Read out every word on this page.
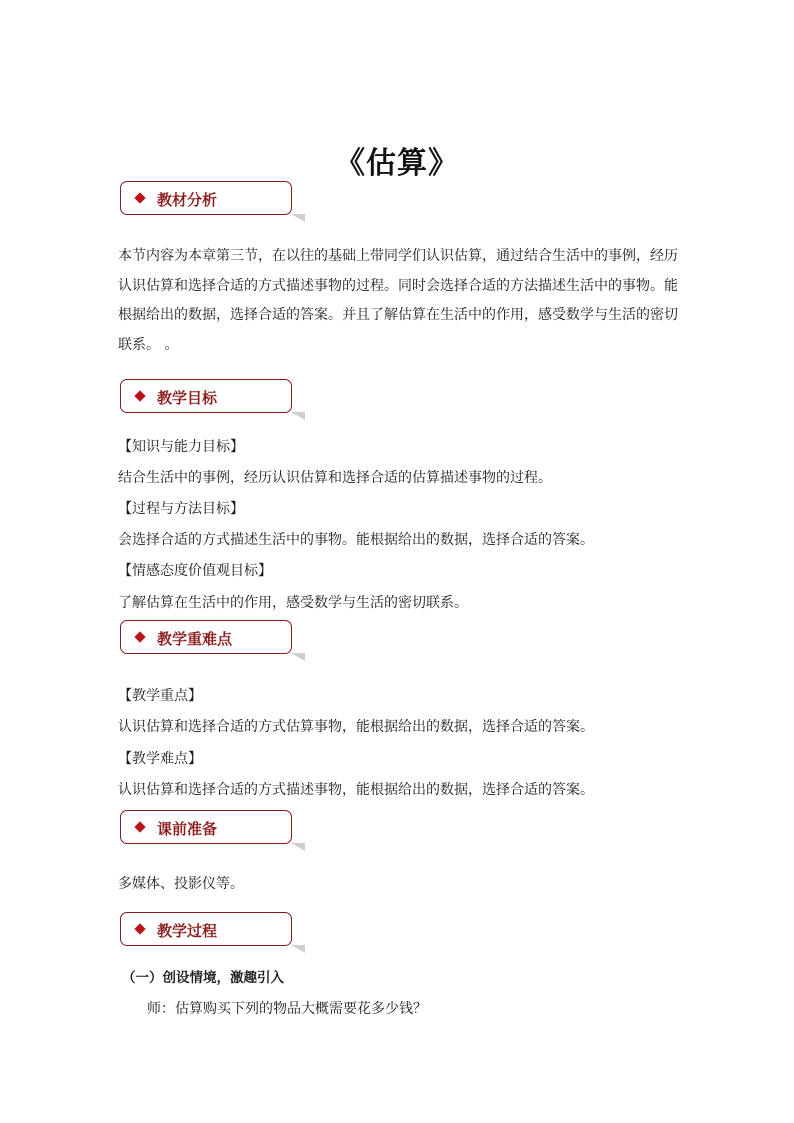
《估算》
教材分析
本节内容为本章第三节，在以往的基础上带同学们认识估算，通过结合生活中的事例，经历认识估算和选择合适的方式描述事物的过程。同时会选择合适的方法描述生活中的事物。能根据给出的数据，选择合适的答案。并且了解估算在生活中的作用，感受数学与生活的密切联系。 。
教学目标
【知识与能力目标】
结合生活中的事例，经历认识估算和选择合适的估算描述事物的过程。
【过程与方法目标】
会选择合适的方式描述生活中的事物。能根据给出的数据，选择合适的答案。
【情感态度价值观目标】
了解估算在生活中的作用，感受数学与生活的密切联系。
教学重难点
【教学重点】
认识估算和选择合适的方式估算事物，能根据给出的数据，选择合适的答案。
【教学难点】
认识估算和选择合适的方式描述事物，能根据给出的数据，选择合适的答案。
课前准备
多媒体、投影仪等。
教学过程
（一）创设情境，激趣引入
师：估算购买下列的物品大概需要花多少钱？
